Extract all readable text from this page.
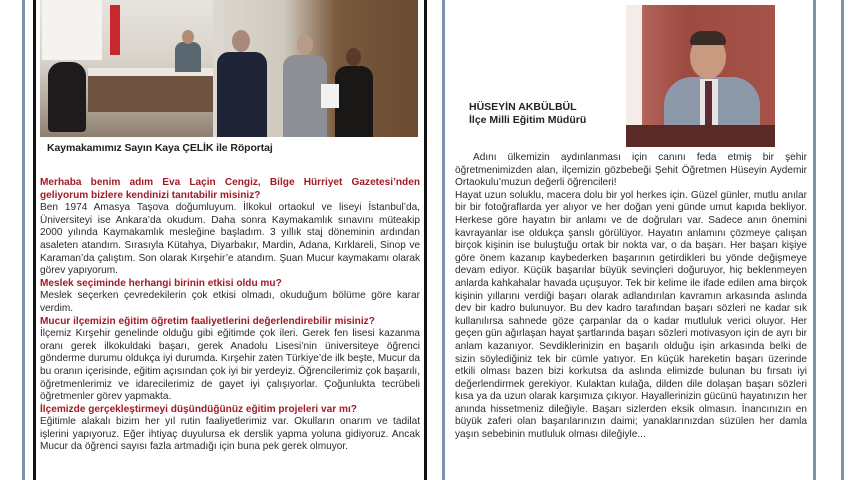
Kaymakamımız Sayın Kaya ÇELİK ile Röportaj

Merhaba benim adım Eva Laçin Cengiz, Bilge Hürriyet Gazetesi’nden geliyorum bizlere kendinizi tanıtabilir misiniz?

Ben 1974 Amasya Taşova doğumluyum. İlkokul ortaokul ve liseyi İstanbul’da, Üniversiteyi ise Ankara’da okudum. Daha sonra Kaymakamlık sınavını müteakip 2000 yılında Kaymakamlık mesleğine başladım. 3 yıllık staj döneminin ardından asaleten atandım. Sırasıyla Kütahya, Diyarbakır, Mardin, Adana, Kırklareli, Sinop ve Karaman’da çalıştım. Son olarak Kırşehir’e atandım. Şuan Mucur kaymakamı olarak görev yapıyorum.

Meslek seçiminde herhangi birinin etkisi oldu mu?

Meslek seçerken çevredekilerin çok etkisi olmadı, okuduğum bölüme göre karar verdim.

Mucur ilçemizin eğitim öğretim faaliyetlerini değerlendirebilir misiniz?

İlçemiz Kırşehir genelinde olduğu gibi eğitimde çok ileri. Gerek fen lisesi kazanma oranı gerek ilkokuldaki başarı, gerek Anadolu Lisesi’nin üniversiteye öğrenci gönderme durumu oldukça iyi durumda. Kırşehir zaten Türkiye’de ilk beşte, Mucur da bu oranın içerisinde, eğitim açısından çok iyi bir yerdeyiz. Öğrencilerimiz çok başarılı, öğretmenlerimiz ve idarecilerimiz de gayet iyi çalışıyorlar. Çoğunlukta tecrübeli öğretmenler görev yapmakta.

İlçemizde gerçekleştirmeyi düşündüğünüz eğitim projeleri var mı?

Eğitimle alakalı bizim her yıl rutin faaliyetlerimiz var. Okulların onarım ve tadilat işlerini yapıyoruz. Eğer ihtiyaç duyulursa ek derslik yapma yoluna gidiyoruz. Ancak Mucur da öğrenci sayısı fazla artmadığı için buna pek gerek olmuyor.

HÜSEYİN AKBÜLBÜL
İlçe Milli Eğitim Müdürü

Adını ülkemizin aydınlanması için canını feda etmiş bir şehir öğretmenimizden alan, ilçemizin gözbebeği Şehit Öğretmen Hüseyin Aydemir Ortaokulu’muzun değerli öğrencileri!

Hayat uzun soluklu, macera dolu bir yol herkes için. Güzel günler, mutlu anılar bir bir fotoğraflarda yer alıyor ve her doğan yeni günde umut kapıda bekliyor. Herkese göre hayatın bir anlamı ve de doğruları var. Sadece anın önemini kavrayanlar ise oldukça şanslı görülüyor. Hayatın anlamını çözmeye çalışan birçok kişinin ise buluştuğu ortak bir nokta var, o da başarı. Her başarı kişiye göre önem kazanıp kaybederken başarının getirdikleri bu yönde değişmeye devam ediyor. Küçük başarılar büyük sevinçleri doğuruyor, hiç beklenmeyen anlarda kahkahalar havada uçuşuyor. Tek bir kelime ile ifade edilen ama birçok kişinin yıllarını verdiği başarı olarak adlandırılan kavramın arkasında aslında dev bir kadro bulunuyor. Bu dev kadro tarafından başarı sözleri ne kadar sık kullanılırsa sahnede göze çarpanlar da o kadar mutluluk verici oluyor. Her geçen gün ağırlaşan hayat şartlarında başarı sözleri motivasyon için de ayrı bir anlam kazanıyor. Sevdiklerinizin en başarılı olduğu işin arkasında belki de sizin söylediğiniz tek bir cümle yatıyor. En küçük hareketin başarı üzerinde etkili olması bazen bizi korkutsa da aslında elimizde bulunan bu fırsatı iyi değerlendirmek gerekiyor. Kulaktan kulağa, dilden dile dolaşan başarı sözleri kısa ya da uzun olarak karşımıza çıkıyor. Hayallerinizin gücünü hayatınızın her anında hissetmeniz dileğiyle. Başarı sizlerden eksik olmasın. İnancınızın en büyük zaferi olan başarılarınızın daimi; yanaklarınızdan süzülen her damla yaşın sebebinin mutluluk olması dileğiyle...
